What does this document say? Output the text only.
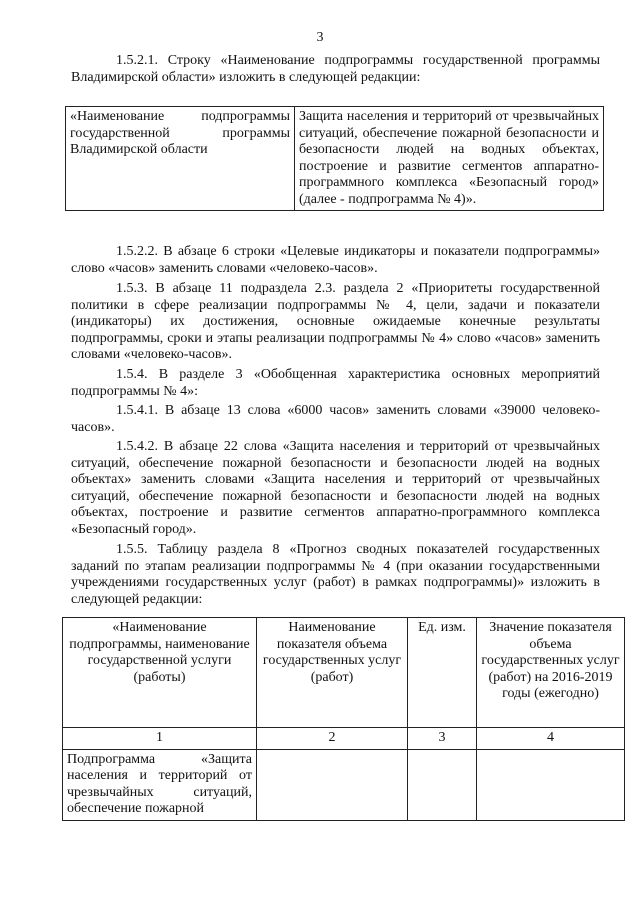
3

1.5.2.1. Строку «Наименование подпрограммы государственной программы Владимирской области» изложить в следующей редакции:

«Наименование подпрограммы государственной программы Владимирской области	Защита населения и территорий от чрезвычайных ситуаций, обеспечение пожарной безопасности и безопасности людей на водных объектах, построение и развитие сегментов аппаратно-программного комплекса «Безопасный город» (далее - подпрограмма № 4)».

1.5.2.2. В абзаце 6 строки «Целевые индикаторы и показатели подпрограммы» слово «часов» заменить словами «человеко-часов».

1.5.3. В абзаце 11 подраздела 2.3. раздела 2 «Приоритеты государственной политики в сфере реализации подпрограммы № 4, цели, задачи и показатели (индикаторы) их достижения, основные ожидаемые конечные результаты подпрограммы, сроки и этапы реализации подпрограммы № 4» слово «часов» заменить словами «человеко-часов».

1.5.4. В разделе 3 «Обобщенная характеристика основных мероприятий подпрограммы № 4»:

1.5.4.1. В абзаце 13 слова «6000 часов» заменить словами «39000 человеко-часов».

1.5.4.2. В абзаце 22 слова «Защита населения и территорий от чрезвычайных ситуаций, обеспечение пожарной безопасности и безопасности людей на водных объектах» заменить словами «Защита населения и территорий от чрезвычайных ситуаций, обеспечение пожарной безопасности и безопасности людей на водных объектах, построение и развитие сегментов аппаратно-программного комплекса «Безопасный город».

1.5.5. Таблицу раздела 8 «Прогноз сводных показателей государственных заданий по этапам реализации подпрограммы № 4 (при оказании государственными учреждениями государственных услуг (работ) в рамках подпрограммы)» изложить в следующей редакции:

«Наименование подпрограммы, наименование государственной услуги (работы)	Наименование показателя объема государственных услуг (работ)	Ед. изм.	Значение показателя объема государственных услуг (работ) на 2016-2019 годы (ежегодно)
1	2	3	4
Подпрограмма «Защита населения и территорий от чрезвычайных ситуаций, обеспечение пожарной			
